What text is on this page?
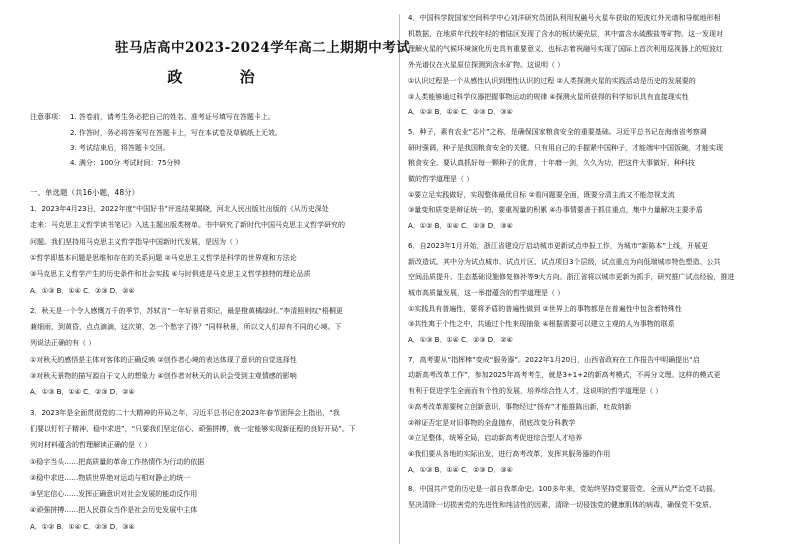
驻马店高中2023-2024学年高二上期期中考试
政 治
注意事项： 1. 答卷前，请考生务必把自己的姓名、准考证号填写在答题卡上。
2. 作答时，务必将答案写在答题卡上，写在本试卷及草稿纸上无效。
3. 考试结束后，将答题卡交回。
4. 满分：100分 考试时间：75分钟
一、单选题（共16小题，48分）
1．2023年4月23日，2022年度“中国好书”评选结果揭晓，河北人民出版社出版的《从历史深处
走来：马克思主义哲学读书笔记》入选主题出版类榜单。书中研究了新时代中国马克思主义哲学研究的
问题。我们坚持用马克思主义哲学指导中国新时代发展，是因为（ ）
①哲学即基本问题是思维和存在的关系问题 ②马克思主义哲学是科学的世界观和方法论
③马克思主义哲学产生的历史条件和社会实践 ④与时俱进是马克思主义哲学独特的理论品质
A．①③ B．①④ C．②③ D．②④
2．秋天是一个令人感慨万千的季节，苏轼言“一年好景君须记，最是橙黄橘绿时。”李清照则叹“梧桐更
兼细雨，到黄昏，点点滴滴，这次第，怎一个愁字了得？”同样秋景，所以文人们却有不同的心境。下
列说法正确的有（ ）
①对秋天的感悟是主体对客体的正确反映 ②创作者心境的表达体现了意识的自觉选择性
③对秋天景物的描写源自于文人的想象力 ④创作者对秋天的认识会受到主观情感的影响
A．①③ B．①④ C．②③ D．②④
3．2023年是全面贯彻党的二十大精神的开局之年，习近平总书记在2023年春节团拜会上指出，“我
们要以钉钉子精神、稳中求进”，“只要我们坚定信心、顽强拼搏，就一定能够实现新征程的良好开局”。下
列对材料蕴含的哲理解读正确的是（ ）
①稳字当头……把高质量的革命工作热情作为行动的依据
②稳中求进……物质世界绝对运动与相对静止的统一
③坚定信心……发挥正确意识对社会发展的能动反作用
④顽强拼搏……把人民群众当作是社会历史发展中主体
A．①② B．①④ C．②③ D．③④
4．中国科学院国家空间科学中心刘洋研究员团队利用祝融号火星车获取的短波红外光谱和导航地形相
机数据，在地质年代较年轻的着陆区发现了含水的板状硬壳层，其中富含水硫酸盐等矿物。这一发现对
理解火星的气候环境演化历史具有重要意义，也标志着祝融号实现了国际上首次利用巡视器上的短波红
外光谱仪在火星原位探测到含水矿物。这说明（ ）
①认识过程是一个从感性认识到理性认识的过程 ②人类探测火星的实践活动是历史的发展要的
③人类能够通过科学仪器把握事物运动的规律 ④探测火星所获得的科学知识具有直接现实性
A．①② B．①④ C．②③ D．③④
5．种子，素有农业“芯片”之称，是确保国家粮食安全的重要基础。习近平总书记在海南省考察调
研时强调，种子是我国粮食安全的关键。只有用自己的手握紧中国种子，才能端牢中国饭碗，才能实现
粮食安全。要认真抓好每一颗种子的优育，十年磨一剑，久久为功，把这件大事做好，种科技
做的哲学道理是（ ）
①要立足实践做好，实现整体最优目标 ②看问题要全面，既要分清主流又不能忽视支流
③量变和质变是辩证统一的，要重视量的积累 ④办事情要善于抓住重点，集中力量解决主要矛盾
A．①② B．①④ C．②③ D．③④
6．自2023年1月开始，浙江省建设厅启动城市更新试点申报工作，为城市“新陈本”上线，开展更
新改造试。其中分为试点城市、试点片区、试点项目3个层级，试点重点为向低端城市特色塑造、公共
空间品质提升、生态基础设施修复修补等9大方向。浙江省将以城市更新为抓手，研究推广试点经验，推进
城市高质量发展，这一举措蕴含的哲学道理是（ ）
①实践具有普遍性，要将矛盾的普遍性做到 ②世界上的事物都是在普遍性中包含着特殊性
③共性寓于个性之中，共通过个性来现抽象 ④根据需要可以建立主观的人为事物的联系
A．①③ B．①④ C．②③ D．②④
7．高考要从“指挥棒”变成“服务器”。2022年1月20日，山西省政府在工作报告中明确提出“启
动新高考改革工作”，参加2025年高考考生，就是3+1+2的新高考模式，不再分文理。这样的模式更
有利于促进学生全面而有个性的发展，培养综合性人才，这说明的哲学道理是（ ）
①高考改革需要树立创新意识，事物经过“扬弃”才能推陈出新，吐故纳新
②辩证否定是对旧事物的全盘抛弃，彻底改变分科教学
③立足整体，统筹全局，启动新高考促进综合型人才培养
④我们要从各地的实际出发，进行高考改革，发挥其服务器的作用
A．①③ B．①④ C．②③ D．③④
8．中国共产党的历史是一部自我革命史。100多年来，党始终坚持党要管党、全面从严治党不动摇，
坚决清除一切损害党的先进性和纯洁性的因素，清除一切侵蚀党的健康肌体的病毒，确保党不变质、
